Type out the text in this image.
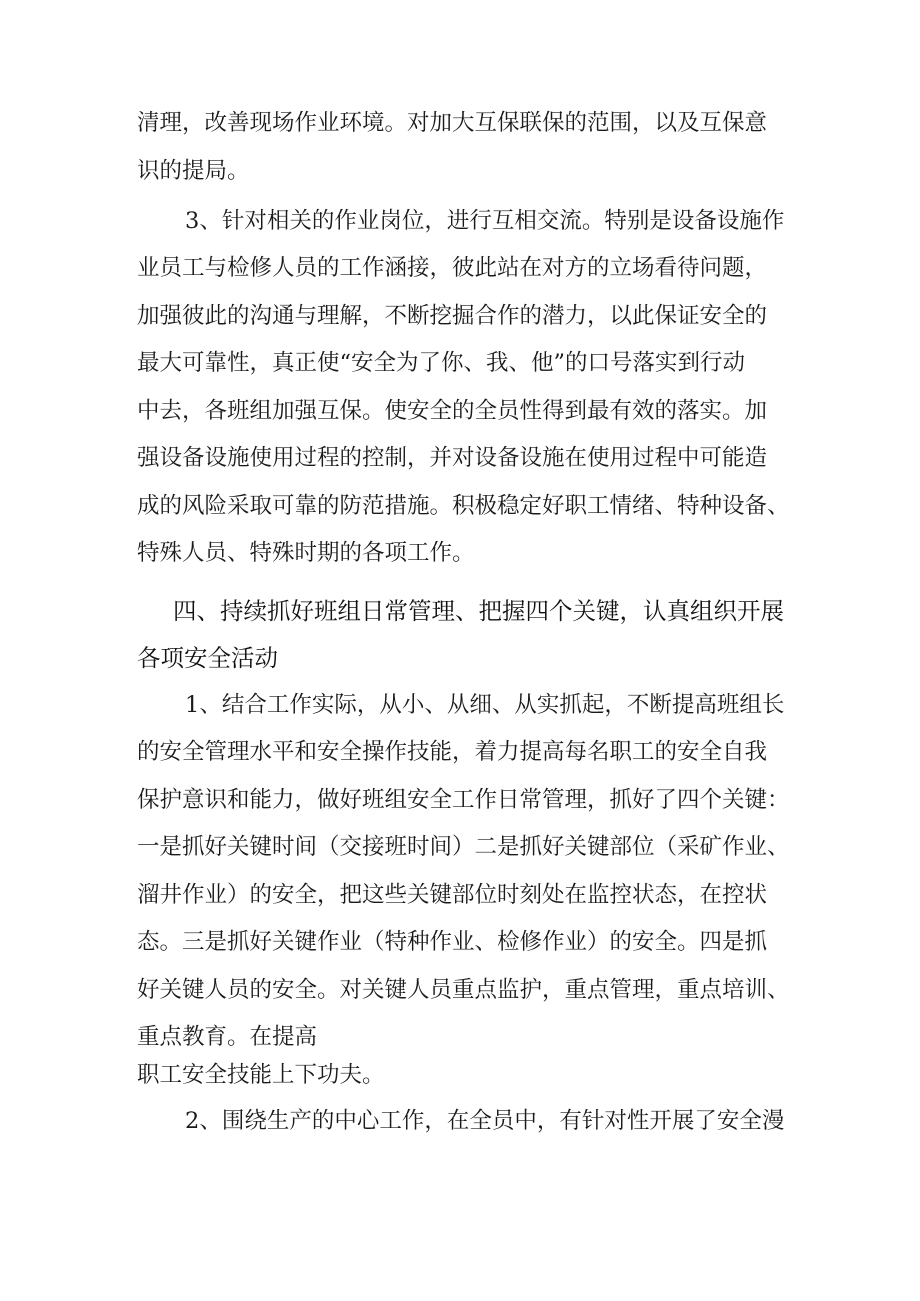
清理，改善现场作业环境。对加大互保联保的范围，以及互保意
识的提局。
3、针对相关的作业岗位，进行互相交流。特别是设备设施作
业员工与检修人员的工作涵接，彼此站在对方的立场看待问题，
加强彼此的沟通与理解，不断挖掘合作的潜力，以此保证安全的
最大可靠性，真正使“安全为了你、我、他”的口号落实到行动
中去，各班组加强互保。使安全的全员性得到最有效的落实。加
强设备设施使用过程的控制，并对设备设施在使用过程中可能造
成的风险采取可靠的防范措施。积极稳定好职工情绪、特种设备、
特殊人员、特殊时期的各项工作。
四、持续抓好班组日常管理、把握四个关键，认真组织开展
各项安全活动
1、结合工作实际，从小、从细、从实抓起，不断提高班组长
的安全管理水平和安全操作技能，着力提高每名职工的安全自我
保护意识和能力，做好班组安全工作日常管理，抓好了四个关键：
一是抓好关键时间（交接班时间）二是抓好关键部位（采矿作业、
溜井作业）的安全，把这些关键部位时刻处在监控状态，在控状
态。三是抓好关键作业（特种作业、检修作业）的安全。四是抓
好关键人员的安全。对关键人员重点监护，重点管理，重点培训、
重点教育。在提高
职工安全技能上下功夫。
2、围绕生产的中心工作，在全员中，有针对性开展了安全漫
